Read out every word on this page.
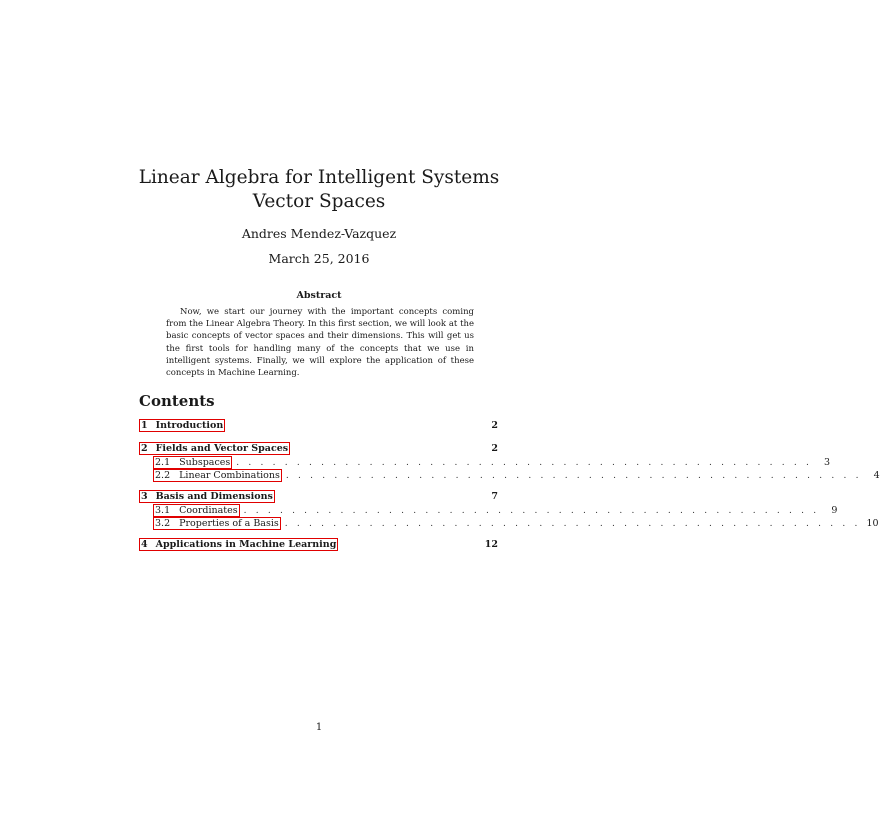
Linear Algebra for Intelligent Systems
Vector Spaces
Andres Mendez-Vazquez
March 25, 2016
Abstract
Now, we start our journey with the important concepts coming from the Linear Algebra Theory. In this first section, we will look at the basic concepts of vector spaces and their dimensions. This will get us the first tools for handling many of the concepts that we use in intelligent systems. Finally, we will explore the application of these concepts in Machine Learning.
Contents
1 Introduction	2
2 Fields and Vector Spaces	2
2.1 Subspaces . . . . . . . . . . . . . . . . . . . . . . . . . . . . . . . . . . . . . . . . . . . . . . . .	3
2.2 Linear Combinations . . . . . . . . . . . . . . . . . . . . . . . . . . . . . . . . . . . . . . . . . . . . . . . .	4
3 Basis and Dimensions	7
3.1 Coordinates . . . . . . . . . . . . . . . . . . . . . . . . . . . . . . . . . . . . . . . . . . . . . . . .	9
3.2 Properties of a Basis . . . . . . . . . . . . . . . . . . . . . . . . . . . . . . . . . . . . . . . . . . . . . . . . 10
4 Applications in Machine Learning	12
1
